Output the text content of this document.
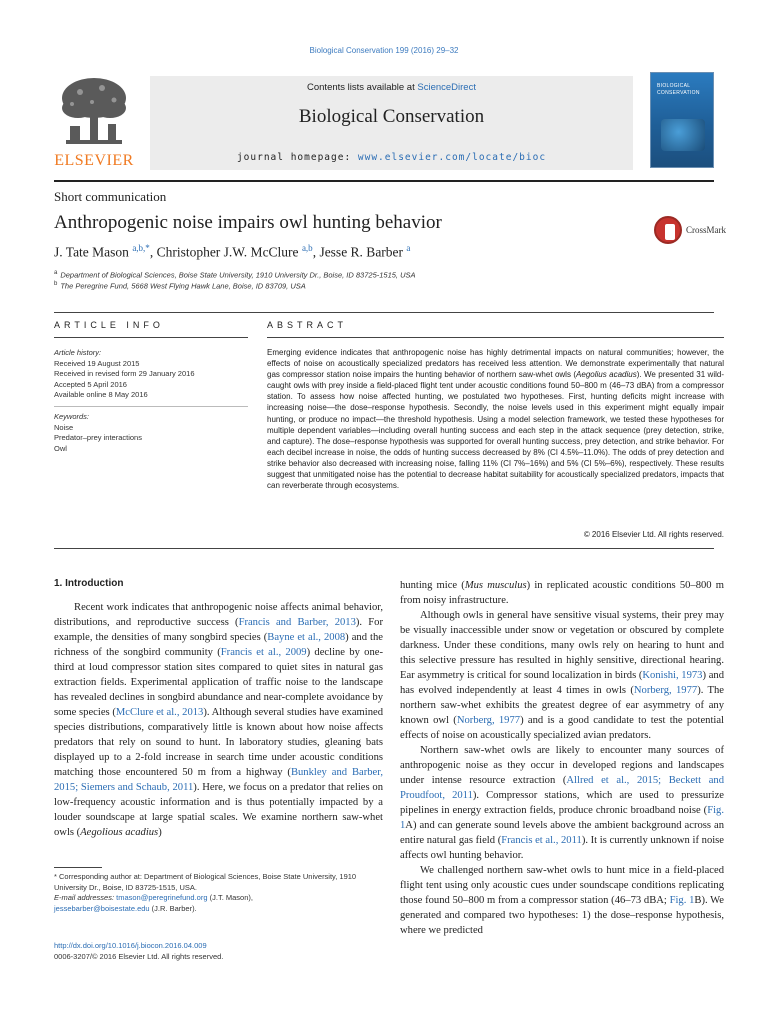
Biological Conservation 199 (2016) 29–32
ELSEVIER
Contents lists available at ScienceDirect
Biological Conservation
journal homepage: www.elsevier.com/locate/bioc
BIOLOGICAL
CONSERVATION
Short communication
Anthropogenic noise impairs owl hunting behavior	CrossMark
J. Tate Mason $^{a,b,*}$, Christopher J.W. McClure $^{a,b}$, Jesse R. Barber $^a$
$^a$ Department of Biological Sciences, Boise State University, 1910 University Dr., Boise, ID 83725-1515, USA
$^b$ The Peregrine Fund, 5668 West Flying Hawk Lane, Boise, ID 83709, USA
ARTICLE INFO	ABSTRACT
Article history:
Received 19 August 2015
Received in revised form 29 January 2016
Accepted 5 April 2016
Available online 8 May 2016
Keywords:
Noise
Predator–prey interactions
Owl
Emerging evidence indicates that anthropogenic noise has highly detrimental impacts on natural communities; however, the effects of noise on acoustically specialized predators has received less attention. We demonstrate experimentally that natural gas compressor station noise impairs the hunting behavior of northern saw-whet owls (Aegolius acadius). We presented 31 wild-caught owls with prey inside a field-placed flight tent under acoustic conditions found 50–800 m (46–73 dBA) from a compressor station. To assess how noise affected hunting, we postulated two hypotheses. First, hunting deficits might increase with increasing noise—the dose–response hypothesis. Secondly, the noise levels used in this experiment might equally impair hunting, or produce no impact—the threshold hypothesis. Using a model selection framework, we tested these hypotheses for multiple dependent variables—including overall hunting success and each step in the attack sequence (prey detection, strike, and capture). The dose–response hypothesis was supported for overall hunting success, prey detection, and strike behavior. For each decibel increase in noise, the odds of hunting success decreased by 8% (CI 4.5%–11.0%). The odds of prey detection and strike behavior also decreased with increasing noise, falling 11% (CI 7%–16%) and 5% (CI 5%–6%), respectively. These results suggest that unmitigated noise has the potential to decrease habitat suitability for acoustically specialized predators, impacts that can reverberate through ecosystems.
© 2016 Elsevier Ltd. All rights reserved.
1. Introduction

Recent work indicates that anthropogenic noise affects animal behavior, distributions, and reproductive success (Francis and Barber, 2013). For example, the densities of many songbird species (Bayne et al., 2008) and the richness of the songbird community (Francis et al., 2009) decline by one-third at loud compressor station sites compared to quiet sites in natural gas extraction fields. Experimental application of traffic noise to the landscape has revealed declines in songbird abundance and near-complete avoidance by some species (McClure et al., 2013). Although several studies have examined species distributions, comparatively little is known about how noise affects predators that rely on sound to hunt. In laboratory studies, gleaning bats displayed up to a 2-fold increase in search time under acoustic conditions matching those encountered 50 m from a highway (Bunkley and Barber, 2015; Siemers and Schaub, 2011). Here, we focus on a predator that relies on low-frequency acoustic information and is thus potentially impacted by a louder soundscape at large spatial scales. We examine northern saw-whet owls (Aegolious acadius)

hunting mice (Mus musculus) in replicated acoustic conditions 50–800 m from noisy infrastructure.

Although owls in general have sensitive visual systems, their prey may be visually inaccessible under snow or vegetation or obscured by complete darkness. Under these conditions, many owls rely on hearing to hunt and this selective pressure has resulted in highly sensitive, directional hearing. Ear asymmetry is critical for sound localization in birds (Konishi, 1973) and has evolved independently at least 4 times in owls (Norberg, 1977). The northern saw-whet exhibits the greatest degree of ear asymmetry of any known owl (Norberg, 1977) and is a good candidate to test the potential effects of noise on acoustically specialized avian predators.

Northern saw-whet owls are likely to encounter many sources of anthropogenic noise as they occur in developed regions and landscapes under intense resource extraction (Allred et al., 2015; Beckett and Proudfoot, 2011). Compressor stations, which are used to pressurize pipelines in energy extraction fields, produce chronic broadband noise (Fig. 1A) and can generate sound levels above the ambient background across an entire natural gas field (Francis et al., 2011). It is currently unknown if noise affects owl hunting behavior.

We challenged northern saw-whet owls to hunt mice in a field-placed flight tent using only acoustic cues under soundscape conditions replicating those found 50–800 m from a compressor station (46–73 dBA; Fig. 1B). We generated and compared two hypotheses: 1) the dose–response hypothesis, where we predicted

* Corresponding author at: Department of Biological Sciences, Boise State University, 1910 University Dr., Boise, ID 83725-1515, USA.
E-mail addresses: tmason@peregrinefund.org (J.T. Mason),
jessebarber@boisestate.edu (J.R. Barber).
http://dx.doi.org/10.1016/j.biocon.2016.04.009
0006-3207/© 2016 Elsevier Ltd. All rights reserved.
